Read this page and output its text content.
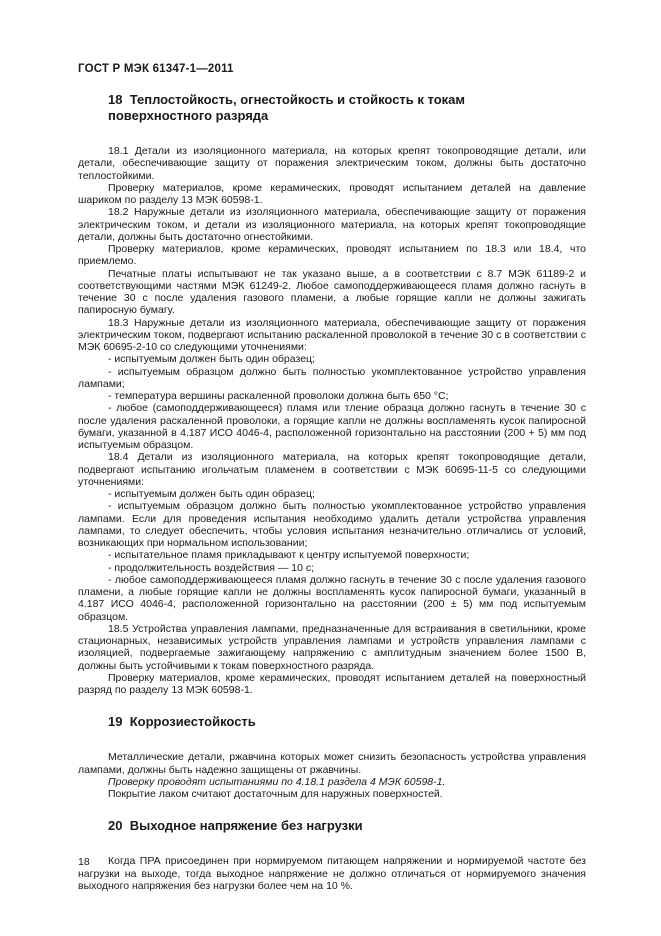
ГОСТ Р МЭК 61347-1—2011
18 Теплостойкость, огнестойкость и стойкость к токам
поверхностного разряда

18.1 Детали из изоляционного материала, на которых крепят токопроводящие детали, или детали, обеспечивающие защиту от поражения электрическим током, должны быть достаточно теплостойкими.

Проверку материалов, кроме керамических, проводят испытанием деталей на давление шариком по разделу 13 МЭК 60598-1.

18.2 Наружные детали из изоляционного материала, обеспечивающие защиту от поражения электрическим током, и детали из изоляционного материала, на которых крепят токопроводящие детали, должны быть достаточно огнестойкими.

Проверку материалов, кроме керамических, проводят испытанием по 18.3 или 18.4, что приемлемо.

Печатные платы испытывают не так указано выше, а в соответствии с 8.7 МЭК 61189-2 и соответствующими частями МЭК 61249-2. Любое самоподдерживающееся пламя должно гаснуть в течение 30 с после удаления газового пламени, а любые горящие капли не должны зажигать папиросную бумагу.

18.3 Наружные детали из изоляционного материала, обеспечивающие защиту от поражения электрическим током, подвергают испытанию раскаленной проволокой в течение 30 с в соответствии с МЭК 60695-2-10 со следующими уточнениями:

- испытуемым должен быть один образец;

- испытуемым образцом должно быть полностью укомплектованное устройство управления лампами;

- температура вершины раскаленной проволоки должна быть 650 °С;

- любое (самоподдерживающееся) пламя или тление образца должно гаснуть в течение 30 с после удаления раскаленной проволоки, а горящие капли не должны воспламенять кусок папиросной бумаги, указанной в 4.187 ИСО 4046-4, расположенной горизонтально на расстоянии (200 + 5) мм под испытуемым образцом.

18.4 Детали из изоляционного материала, на которых крепят токопроводящие детали, подвергают испытанию игольчатым пламенем в соответствии с МЭК 60695-11-5 со следующими уточнениями:

- испытуемым должен быть один образец;

- испытуемым образцом должно быть полностью укомплектованное устройство управления лампами. Если для проведения испытания необходимо удалить детали устройства управления лампами, то следует обеспечить, чтобы условия испытания незначительно отличались от условий, возникающих при нормальном использовании;

- испытательное пламя прикладывают к центру испытуемой поверхности;

- продолжительность воздействия — 10 с;

- любое самоподдерживающееся пламя должно гаснуть в течение 30 с после удаления газового пламени, а любые горящие капли не должны воспламенять кусок папиросной бумаги, указанный в 4.187 ИСО 4046-4, расположенной горизонтально на расстоянии (200 ± 5) мм под испытуемым образцом.

18.5 Устройства управления лампами, предназначенные для встраивания в светильники, кроме стационарных, независимых устройств управления лампами и устройств управления лампами с изоляцией, подвергаемые зажигающему напряжению с амплитудным значением более 1500 В, должны быть устойчивыми к токам поверхностного разряда.

Проверку материалов, кроме керамических, проводят испытанием деталей на поверхностный разряд по разделу 13 МЭК 60598-1.

19 Коррозиестойкость

Металлические детали, ржавчина которых может снизить безопасность устройства управления лампами, должны быть надежно защищены от ржавчины.

Проверку проводят испытаниями по 4.18.1 раздела 4 МЭК 60598-1.

Покрытие лаком считают достаточным для наружных поверхностей.

20 Выходное напряжение без нагрузки

Когда ПРА присоединен при нормируемом питающем напряжении и нормируемой частоте без нагрузки на выходе, тогда выходное напряжение не должно отличаться от нормируемого значения выходного напряжения без нагрузки более чем на 10 %.

18
